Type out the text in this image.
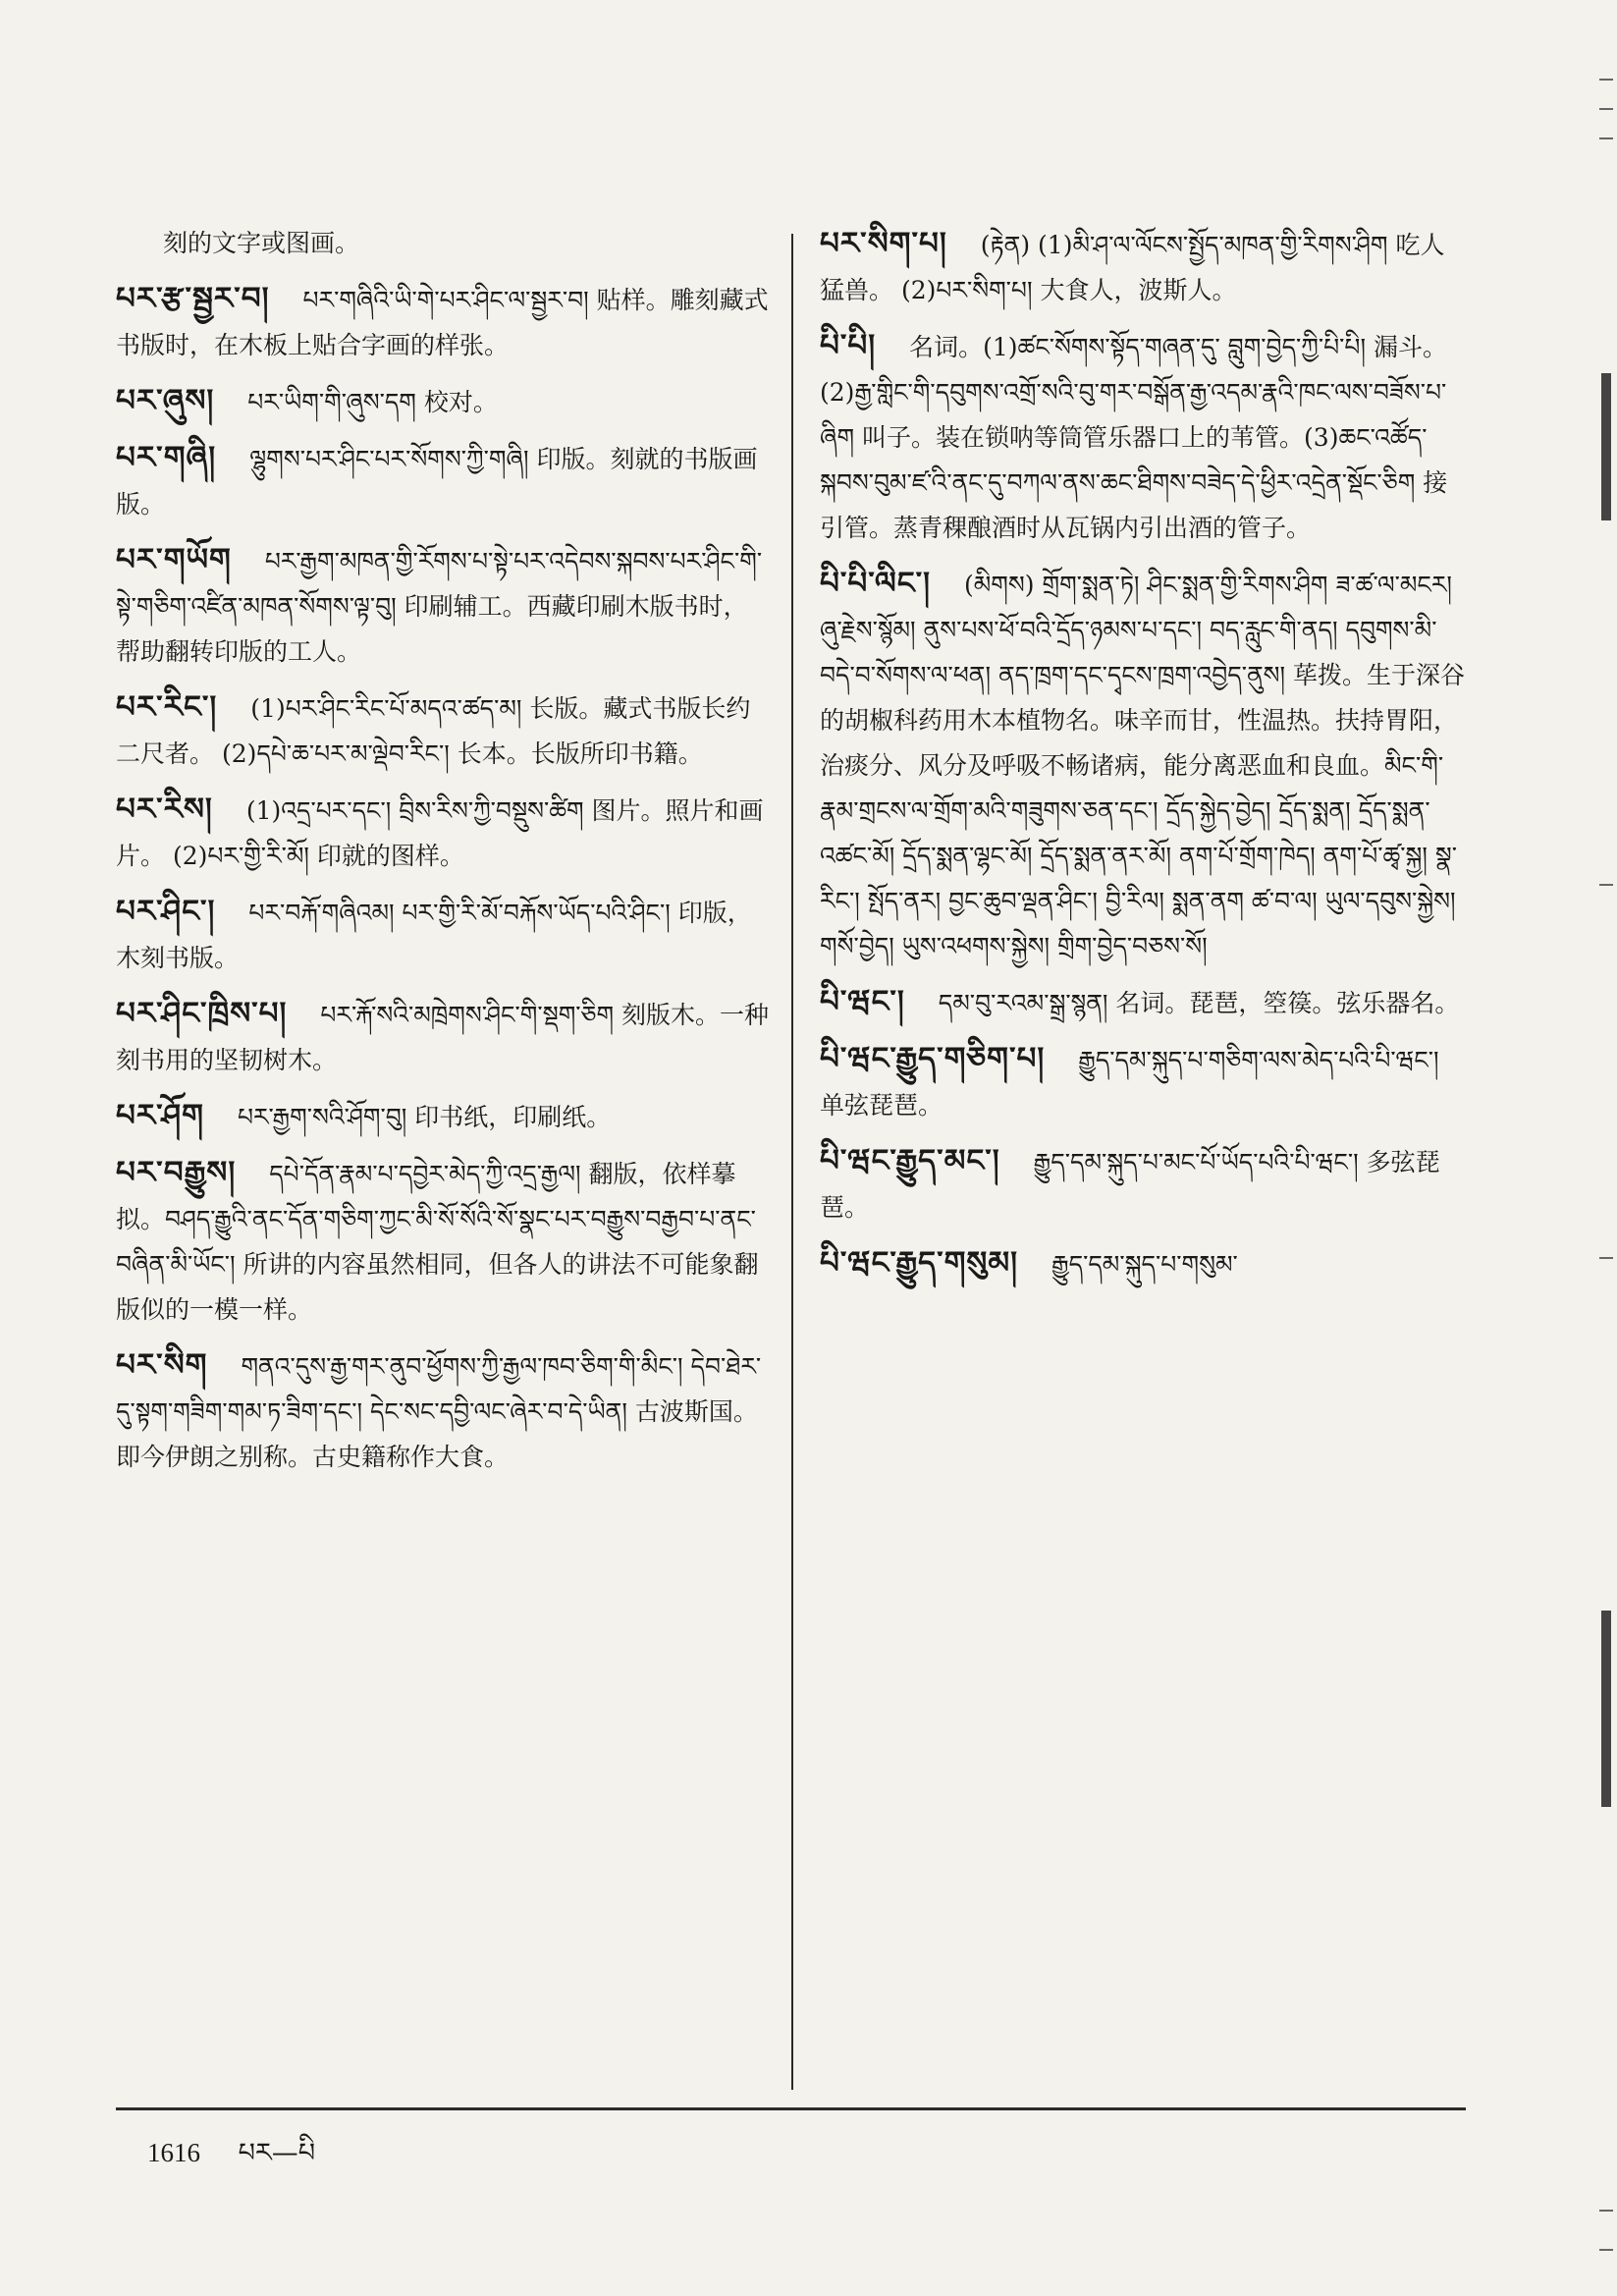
刻的文字或图画。
པར་རྩ་སྦྱར་བ། པར་གཞིའི་ཡི་གེ་པར་ཤིང་ལ་སྦྱར་བ། 贴样。雕刻藏式书版时，在木板上贴合字画的样张。
པར་ཞུས། པར་ཡིག་གི་ཞུས་དག 校对。
པར་གཞི། ལྷུགས་པར་ཤིང་པར་སོགས་ཀྱི་གཞི། 印版。刻就的书版画版。
པར་གཡོག པར་རྒྱག་མཁན་གྱི་རོགས་པ་སྟེ་པར་འདེབས་སྐབས་པར་ཤིང་གི་སྟེ་གཅིག་འཛིན་མཁན་སོགས་ལྟ་བུ། 印刷辅工。西藏印刷木版书时，帮助翻转印版的工人。
པར་རིང་། (1)པར་ཤིང་རིང་པོ་མདའ་ཚད་མ། 长版。藏式书版长约二尺者。 (2)དཔེ་ཆ་པར་མ་ལྡེབ་རིང་། 长本。长版所印书籍。
པར་རིས། (1)འདྲ་པར་དང་། བྲིས་རིས་ཀྱི་བསྡུས་ཚིག 图片。照片和画片。 (2)པར་གྱི་རི་མོ། 印就的图样。
པར་ཤིང་། པར་བརྐོ་གཞིའམ། པར་གྱི་རི་མོ་བརྐོས་ཡོད་པའི་ཤིང་། 印版，木刻书版。
པར་ཤིང་ཁྲིས་པ། པར་རྐོ་སའི་མཁྲེགས་ཤིང་གི་སྡག་ཅིག 刻版木。一种刻书用的坚韧树木。
པར་ཤོག པར་རྒྱག་སའི་ཤོག་བུ། 印书纸，印刷纸。
པར་བརྒྱུས། དཔེ་དོན་རྣམ་པ་དབྱེར་མེད་ཀྱི་འདྲ་རྒྱལ། 翻版，依样摹拟。བཤད་རྒྱུའི་ནང་དོན་གཅིག་ཀྱང་མི་སོ་སོའི་སོ་སྣང་པར་བརྒྱུས་བརྒྱབ་པ་ནང་བཞིན་མི་ཡོང་། 所讲的内容虽然相同，但各人的讲法不可能象翻版似的一模一样。
པར་སིག གནའ་དུས་རྒྱ་གར་ནུབ་ཕྱོགས་ཀྱི་རྒྱལ་ཁབ་ཅིག་གི་མིང་། དེབ་ཐེར་དུ་སྟག་གཟིག་གམ་ཏ་ཟིག་དང་། དེང་སང་དབྱི་ལང་ཞེར་བ་དེ་ཡིན། 古波斯国。即今伊朗之别称。古史籍称作大食。
པར་སིག་པ། (རྟེན) (1)མི་ཤ་ལ་ལོངས་སྤྱོད་མཁན་གྱི་རིགས་ཤིག 吃人猛兽。 (2)པར་སིག་པ། 大食人，波斯人。
པི་པི། 名词。(1)ཚང་སོགས་སྟོད་གཞན་དུ་ བླུག་བྱེད་ཀྱི་པི་པི། 漏斗。(2)རྒྱ་གླིང་གི་དབུགས་འགྲོ་སའི་བུ་གར་བསྒོན་རྒྱ་འདམ་རྣའི་ཁང་ལས་བཟོས་པ་ཞིག 叫子。装在锁呐等筒管乐器口上的苇管。(3)ཆང་འཚོད་སྐབས་བུམ་ཛ་འི་ནང་དུ་བཀལ་ནས་ཆང་ཐིགས་བཟེད་དེ་ཕྱིར་འདྲེན་སྡོང་ཅིག 接引管。蒸青稞酿酒时从瓦锅内引出酒的管子。
པི་པི་ལིང་། (མིགས) གྲོག་སྨན་ཏེ། ཤིང་སྨན་གྱི་རིགས་ཤིག ཟ་ཚ་ལ་མངར། ཞུ་རྗེས་སྙོམ། ནུས་པས་ཕོ་བའི་དྲོད་ཉམས་པ་དང་། བད་རླུང་གི་ནད། དབུགས་མི་བདེ་བ་སོགས་ལ་ཕན། ནད་ཁྲག་དང་དྭངས་ཁྲག་འབྱེད་ནུས། 荜拨。生于深谷的胡椒科药用木本植物名。味辛而甘，性温热。扶持胃阳，治痰分、风分及呼吸不畅诸病，能分离恶血和良血。མིང་གི་རྣམ་གྲངས་ལ་གྲོག་མའི་གཟུགས་ཅན་དང་། དྲོད་སྐྱེད་བྱེད། དྲོད་སྨན། དྲོད་སྨན་འཚང་མོ། དྲོད་སྨན་ལྷང་མོ། དྲོད་སྨན་ནར་མོ། ནག་པོ་གྲོག་ཁེད། ནག་པོ་ཚྭ་སྐྱ། སྣ་རིང་། སྤོད་ནར། བྱང་ཆུབ་ལྡན་ཤིང་། བྱི་རིལ། སྨན་ནག ཚ་བ་ལ། ཡུལ་དབུས་སྐྱེས། གསོ་བྱེད། ཡུས་འཕགས་སྐྱེས། གྲིག་བྱེད་བཅས་སོ།
པི་ཝང་། དམ་བུ་རའམ་སྒྲ་སྙན། 名词。琵琶，箜篌。弦乐器名。
པི་ཝང་རྒྱུད་གཅིག་པ། རྒྱུད་དམ་སྐུད་པ་གཅིག་ལས་མེད་པའི་པི་ཝང་། 单弦琵琶。
པི་ཝང་རྒྱུད་མང་། རྒྱུད་དམ་སྐུད་པ་མང་པོ་ཡོད་པའི་པི་ཝང་། 多弦琵琶。
པི་ཝང་རྒྱུད་གསུམ། རྒྱུད་དམ་སྐུད་པ་གསུམ་
1616 པར—པི
